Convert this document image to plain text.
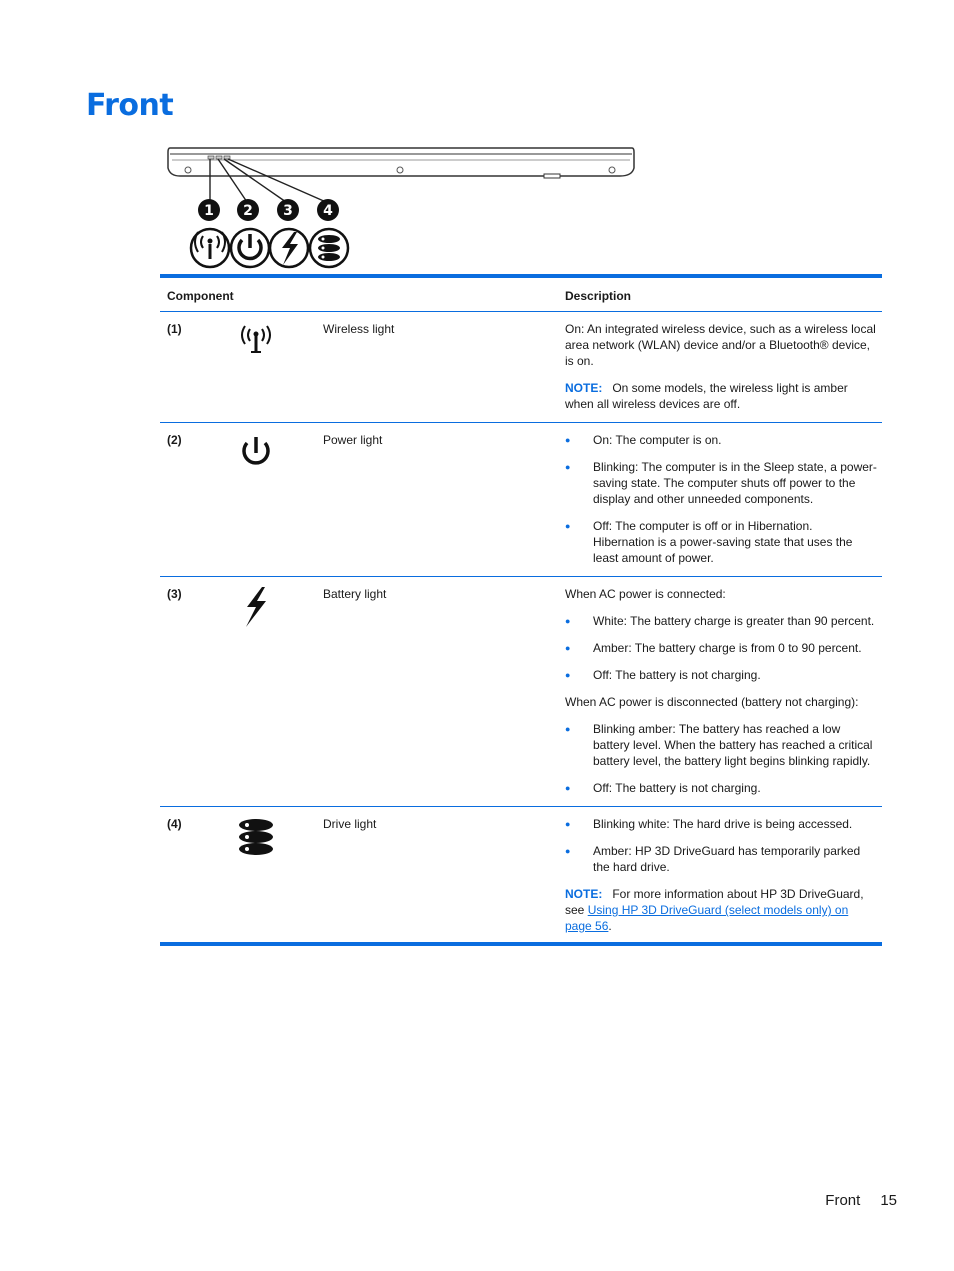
Front
1 2 3 4
Component	Description
(1)	Wireless light	On: An integrated wireless device, such as a wireless local area network (WLAN) device and/or a Bluetooth® device, is on.

NOTE: On some models, the wireless light is amber when all wireless devices are off.

(2)	Power light	● On: The computer is on.
● Blinking: The computer is in the Sleep state, a power-saving state. The computer shuts off power to the display and other unneeded components.
● Off: The computer is off or in Hibernation. Hibernation is a power-saving state that uses the least amount of power.
(3)	Battery light	When AC power is connected:

● White: The battery charge is greater than 90 percent.
● Amber: The battery charge is from 0 to 90 percent.
● Off: The battery is not charging.

When AC power is disconnected (battery not charging):

● Blinking amber: The battery has reached a low battery level. When the battery has reached a critical battery level, the battery light begins blinking rapidly.
● Off: The battery is not charging.
(4)	Drive light	● Blinking white: The hard drive is being accessed.
● Amber: HP 3D DriveGuard has temporarily parked the hard drive.

NOTE: For more information about HP 3D DriveGuard, see Using HP 3D DriveGuard (select models only) on page 56.

Front 15
